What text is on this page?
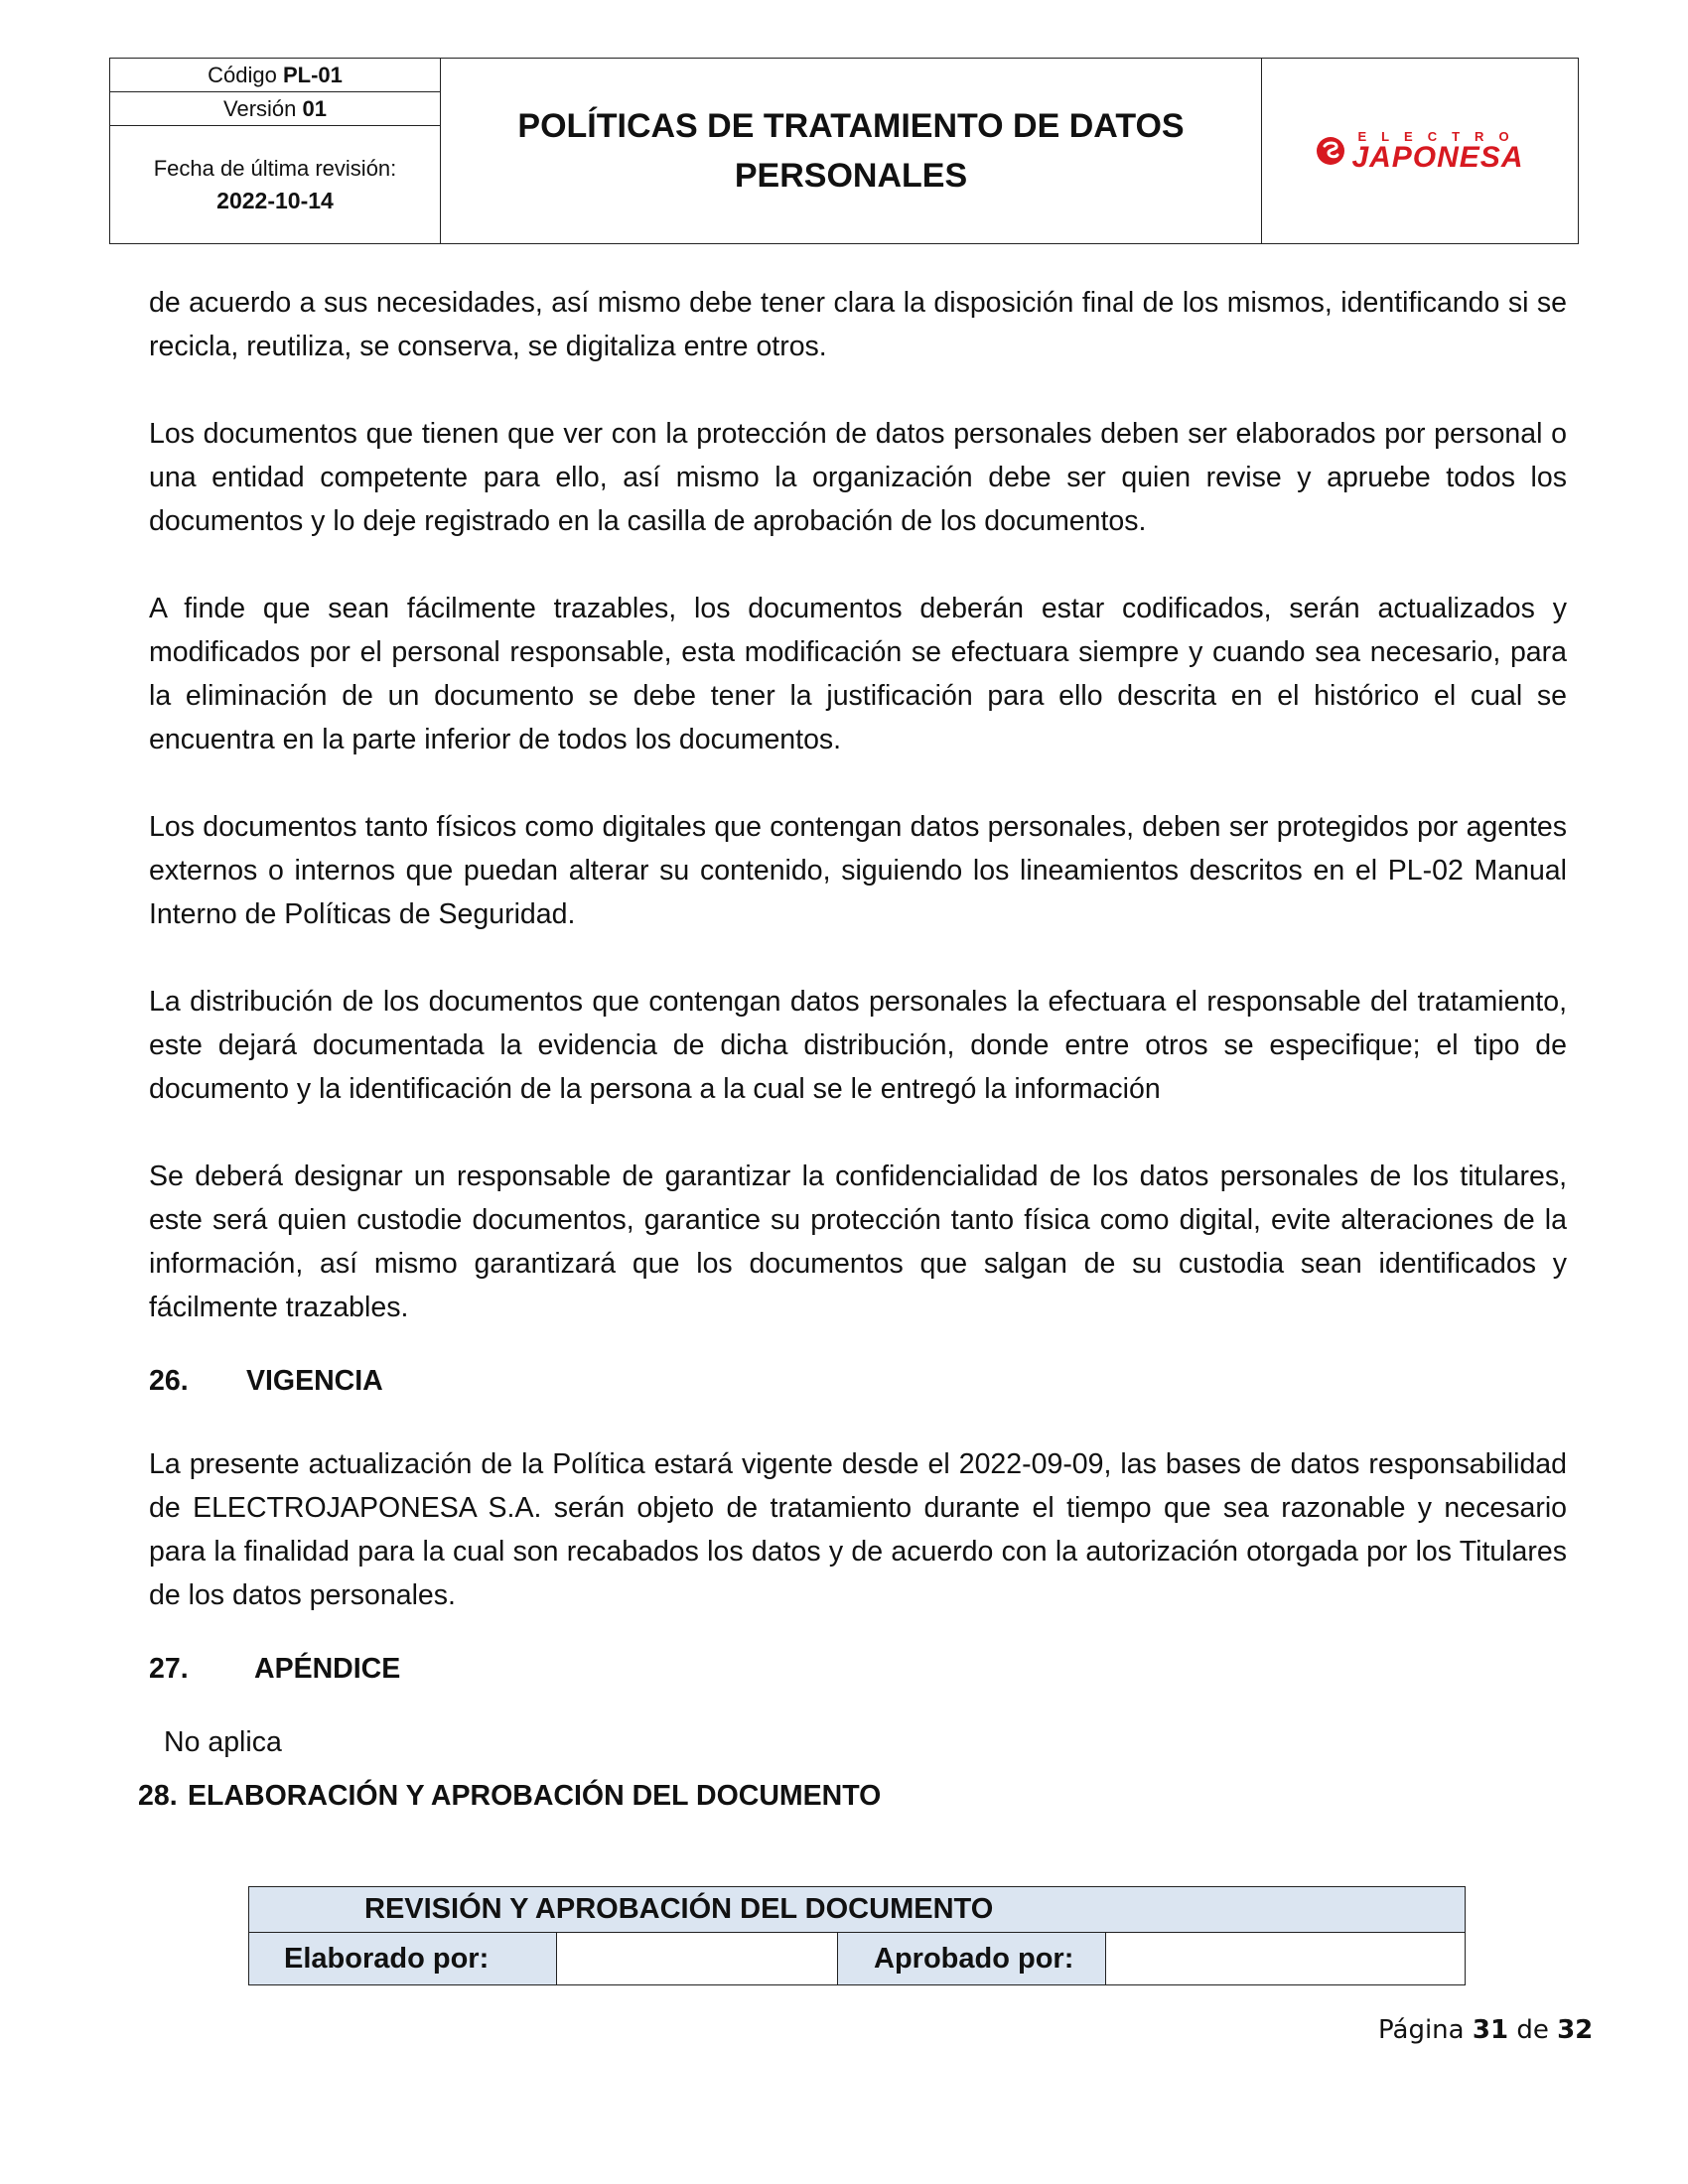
Código PL-01
Versión 01
Fecha de última revisión:
2022-10-14
POLÍTICAS DE TRATAMIENTO DE DATOS PERSONALES
ELECTRO
JAPONESA

de acuerdo a sus necesidades, así mismo debe tener clara la disposición final de los mismos, identificando si se recicla, reutiliza, se conserva, se digitaliza entre otros.

Los documentos que tienen que ver con la protección de datos personales deben ser elaborados por personal o una entidad competente para ello, así mismo la organización debe ser quien revise y apruebe todos los documentos y lo deje registrado en la casilla de aprobación de los documentos.

A finde que sean fácilmente trazables, los documentos deberán estar codificados, serán actualizados y modificados por el personal responsable, esta modificación se efectuara siempre y cuando sea necesario, para la eliminación de un documento se debe tener la justificación para ello descrita en el histórico el cual se encuentra en la parte inferior de todos los documentos.

Los documentos tanto físicos como digitales que contengan datos personales, deben ser protegidos por agentes externos o internos que puedan alterar su contenido, siguiendo los lineamientos descritos en el PL-02 Manual Interno de Políticas de Seguridad.

La distribución de los documentos que contengan datos personales la efectuara el responsable del tratamiento, este dejará documentada la evidencia de dicha distribución, donde entre otros se especifique; el tipo de documento y la identificación de la persona a la cual se le entregó la información

Se deberá designar un responsable de garantizar la confidencialidad de los datos personales de los titulares, este será quien custodie documentos, garantice su protección tanto física como digital, evite alteraciones de la información, así mismo garantizará que los documentos que salgan de su custodia sean identificados y fácilmente trazables.

26. VIGENCIA

La presente actualización de la Política estará vigente desde el 2022-09-09, las bases de datos responsabilidad de ELECTROJAPONESA S.A. serán objeto de tratamiento durante el tiempo que sea razonable y necesario para la finalidad para la cual son recabados los datos y de acuerdo con la autorización otorgada por los Titulares de los datos personales.

27. APÉNDICE
No aplica
28. ELABORACIÓN Y APROBACIÓN DEL DOCUMENTO
REVISIÓN Y APROBACIÓN DEL DOCUMENTO
Elaborado por:	Aprobado por:
Página 31 de 32
